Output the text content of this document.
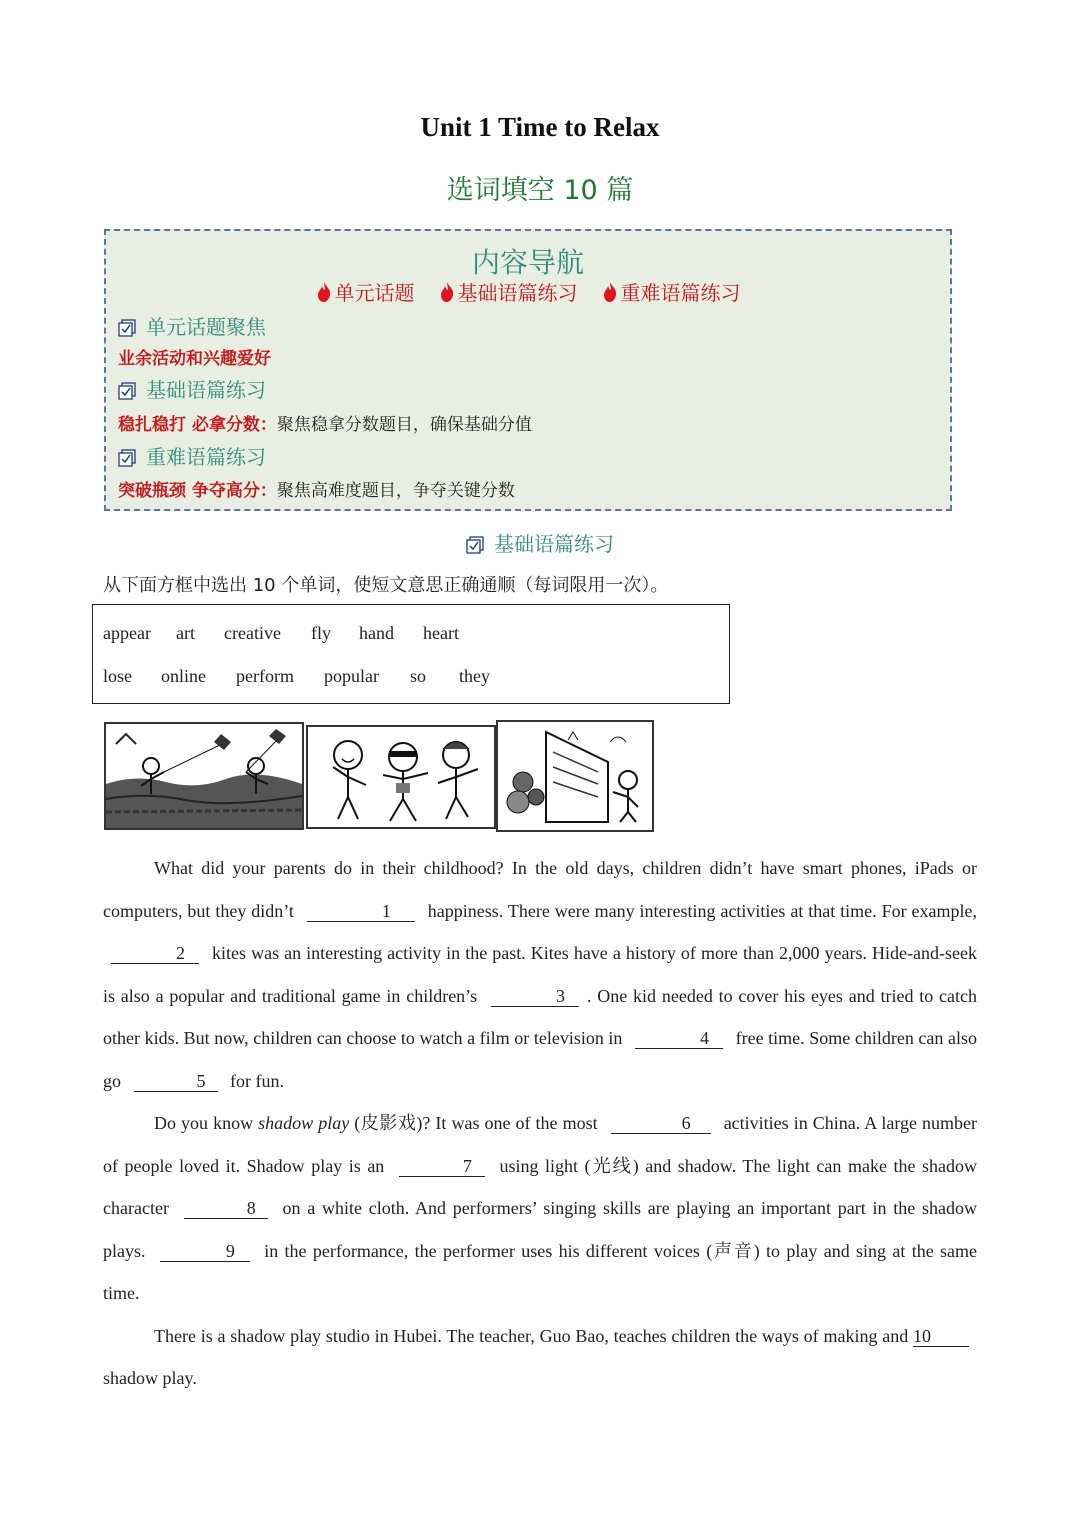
Unit 1 Time to Relax
选词填空 10 篇
内容导航
单元话题 基础语篇练习 重难语篇练习
单元话题聚焦
业余活动和兴趣爱好
基础语篇练习
稳扎稳打 必拿分数：聚焦稳拿分数题目，确保基础分值
重难语篇练习
突破瓶颈 争夺高分：聚焦高难度题目，争夺关键分数
基础语篇练习
从下面方框中选出 10 个单词，使短文意思正确通顺（每词限用一次）。
appear art creative fly hand heart
lose online perform popular so they

What did your parents do in their childhood? In the old days, children didn’t have smart phones, iPads or computers, but they didn’t	1 happiness. There were many interesting activities at that time. For example, 2 kites was an interesting activity in the past. Kites have a history of more than 2,000 years. Hide-and-seek is also a popular and traditional game in children’s	3 . One kid needed to cover his eyes and tried to catch other kids. But now, children can choose to watch a film or television in	4 free time. Some children can also go	5 for fun.

Do you know shadow play (皮影戏)? It was one of the most	6 activities in China. A large number of people loved it. Shadow play is an	7 using light (光线) and shadow. The light can make the shadow character	8 on a white cloth. And performers’ singing skills are playing an important part in the shadow plays.	9 in the performance, the performer uses his different voices (声音) to play and sing at the same time.

There is a shadow play studio in Hubei. The teacher, Guo Bao, teaches children the ways of making and 10 shadow play.
